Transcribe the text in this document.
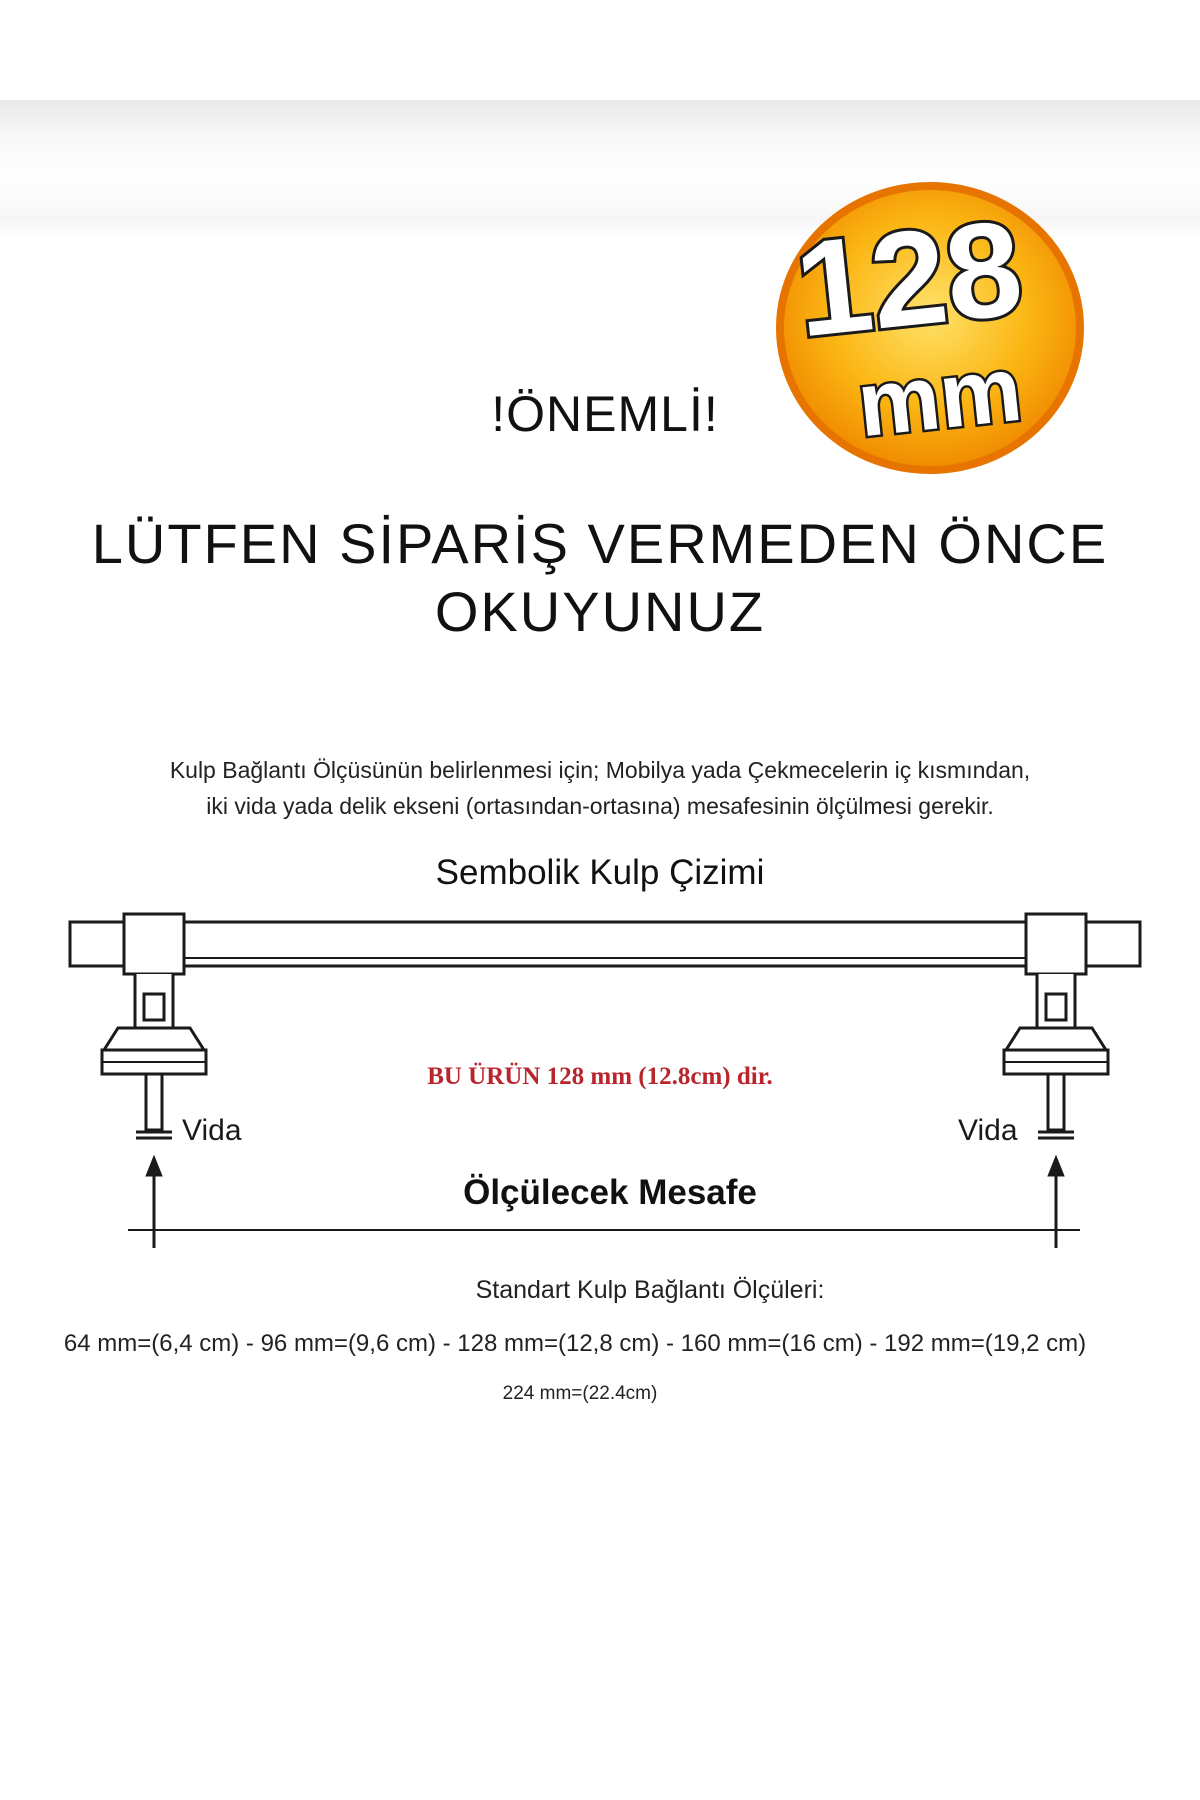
128
mm
!ÖNEMLİ!
LÜTFEN SİPARİŞ VERMEDEN ÖNCE
OKUYUNUZ
Kulp Bağlantı Ölçüsünün belirlenmesi için; Mobilya yada Çekmecelerin iç kısmından,
iki vida yada delik ekseni (ortasından-ortasına) mesafesinin ölçülmesi gerekir.
Sembolik Kulp Çizimi
BU ÜRÜN 128 mm (12.8cm) dir.
Vida	Vida
Ölçülecek Mesafe
Standart Kulp Bağlantı Ölçüleri:
64 mm=(6,4 cm) - 96 mm=(9,6 cm) - 128 mm=(12,8 cm) - 160 mm=(16 cm) - 192 mm=(19,2 cm)
224 mm=(22.4cm)
